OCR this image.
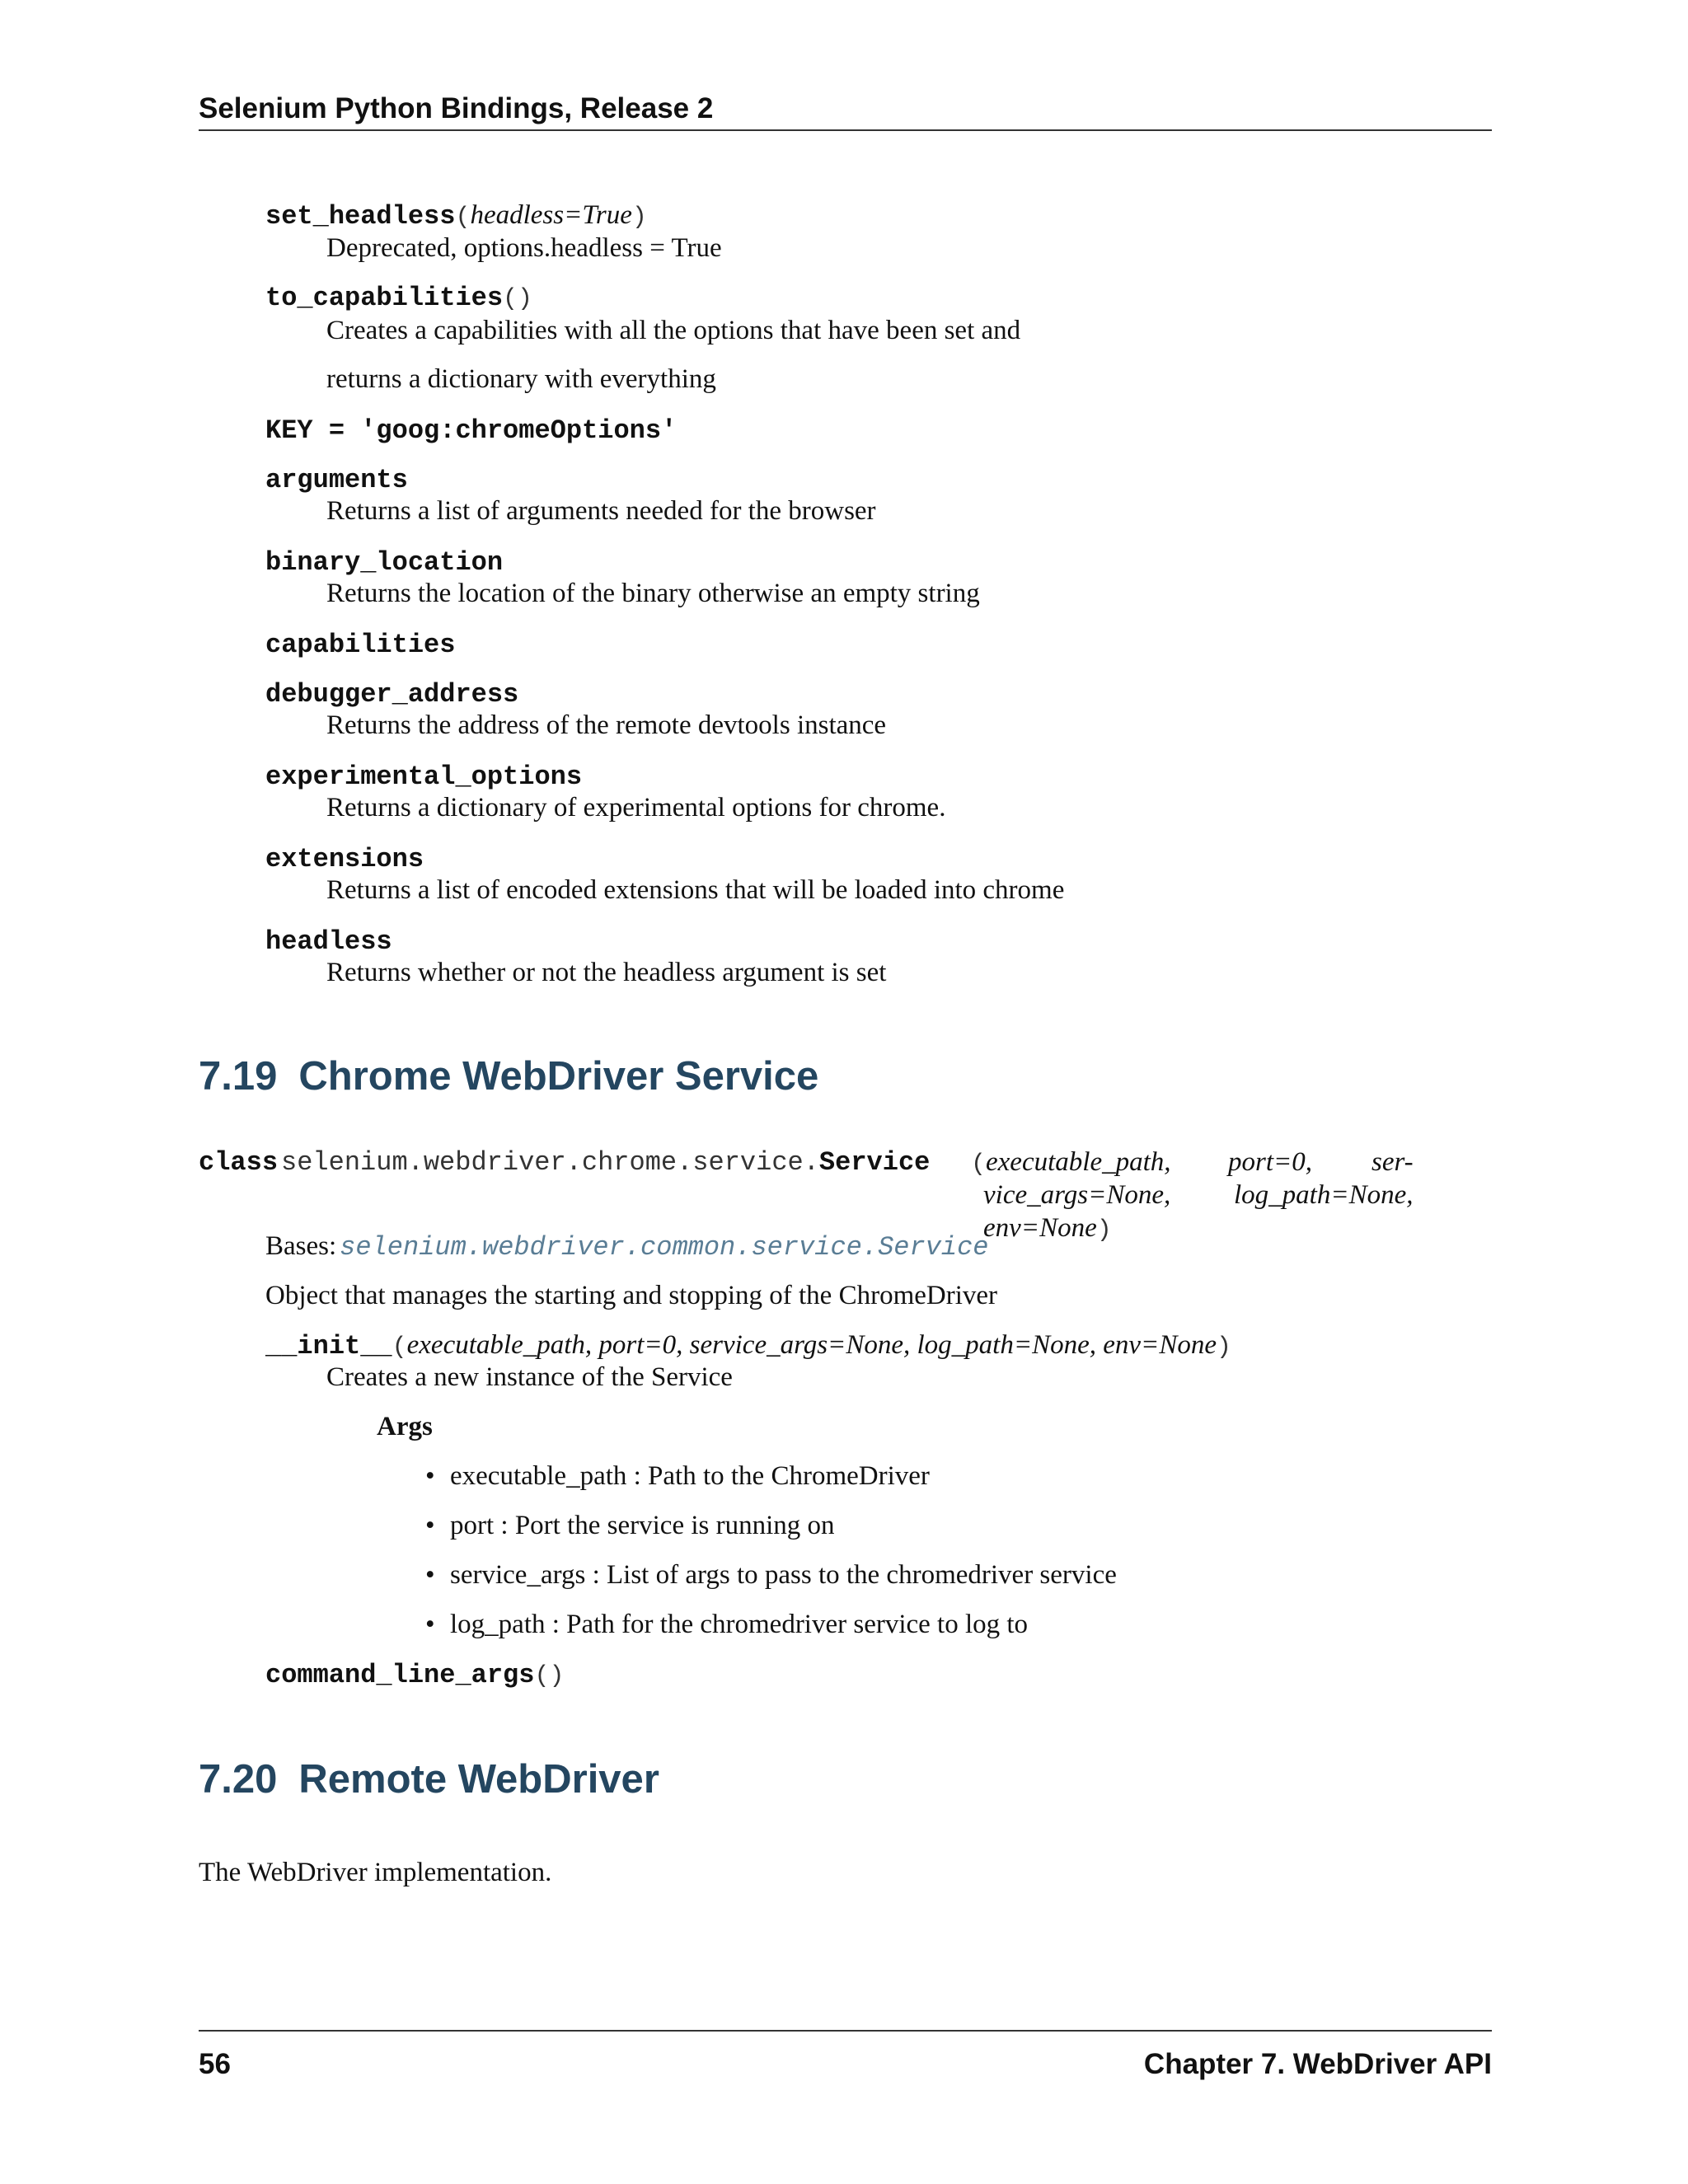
Selenium Python Bindings, Release 2
set_headless(headless=True)
Deprecated, options.headless = True
to_capabilities()
Creates a capabilities with all the options that have been set and
returns a dictionary with everything
KEY = 'goog:chromeOptions'
arguments
Returns a list of arguments needed for the browser
binary_location
Returns the location of the binary otherwise an empty string
capabilities
debugger_address
Returns the address of the remote devtools instance
experimental_options
Returns a dictionary of experimental options for chrome.
extensions
Returns a list of encoded extensions that will be loaded into chrome
headless
Returns whether or not the headless argument is set
7.19 Chrome WebDriver Service
class selenium.webdriver.chrome.service.Service (executable_path, port=0, ser-
vice_args=None, log_path=None,
env=None)
Bases: selenium.webdriver.common.service.Service
Object that manages the starting and stopping of the ChromeDriver
__init__(executable_path, port=0, service_args=None, log_path=None, env=None)
Creates a new instance of the Service
Args
• executable_path : Path to the ChromeDriver
• port : Port the service is running on
• service_args : List of args to pass to the chromedriver service
• log_path : Path for the chromedriver service to log to
command_line_args()
7.20 Remote WebDriver
The WebDriver implementation.
56	Chapter 7. WebDriver API
